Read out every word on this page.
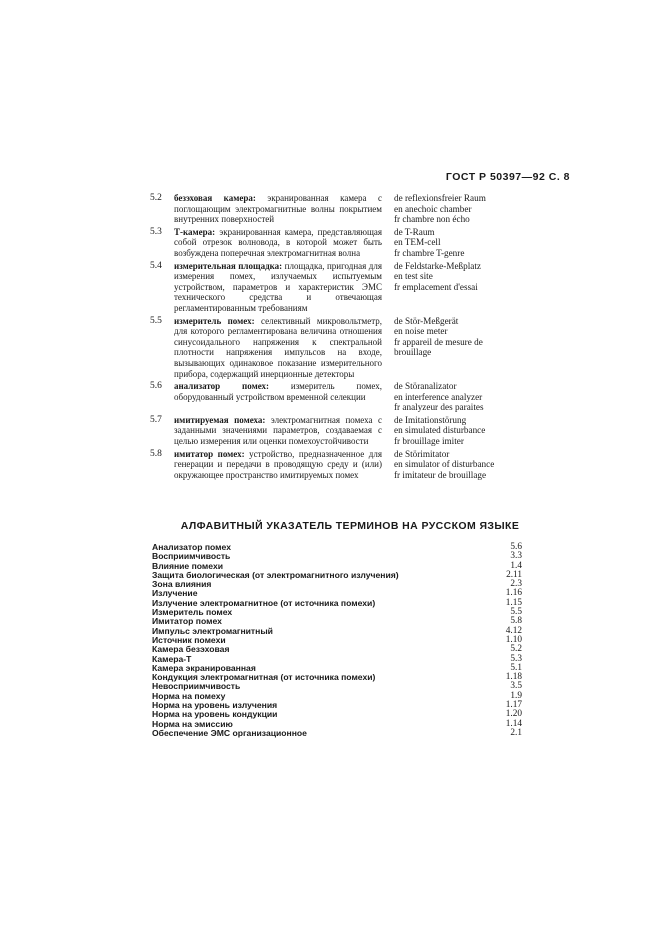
ГОСТ Р 50397—92 С. 8
5.2	безэховая камера: экранированная камера с поглощающим электромагнитные волны покрытием внутренних поверхностей
de reflexionsfreier Raum
en anechoic chamber
fr chambre non écho
5.3	Т-камера: экранированная камера, представляющая собой отрезок волновода, в которой может быть возбуждена поперечная электромагнитная волна
de T-Raum
en TEM-cell
fr chambre T-genre
5.4	измерительная площадка: площадка, пригодная для измерения помех, излучаемых испытуемым устройством, параметров и характеристик ЭМС технического средства и отвечающая регламентированным требованиям
de Feldstarke-Meßplatz
en test site
fr emplacement d'essai
5.5	измеритель помех: селективный микровольтметр, для которого регламентирована величина отношения синусоидального напряжения к спектральной плотности напряжения импульсов на входе, вызывающих одинаковое показание измерительного прибора, содержащий инерционные детекторы
de Stör-Meßgerät
en noise meter
fr appareil de mesure de
brouillage
5.6	анализатор помех: измеритель помех, оборудованный устройством временной селекции
de Störanalizator
en interference analyzer
fr analyzeur des paraites
5.7	имитируемая помеха: электромагнитная помеха с заданными значениями параметров, создаваемая с целью измерения или оценки помехоустойчивости
de Imitationstörung
en simulated disturbance
fr brouillage imiter
5.8	имитатор помех: устройство, предназначенное для генерации и передачи в проводящую среду и (или) окружающее пространство имитируемых помех
de Störimitator
en simulator of disturbance
fr imitateur de brouillage
АЛФАВИТНЫЙ УКАЗАТЕЛЬ ТЕРМИНОВ НА РУССКОМ ЯЗЫКЕ
Анализатор помех	5.6
Восприимчивость	3.3
Влияние помехи	1.4
Защита биологическая (от электромагнитного излучения)	2.11
Зона влияния	2.3
Излучение	1.16
Излучение электромагнитное (от источника помехи)	1.15
Измеритель помех	5.5
Имитатор помех	5.8
Импульс электромагнитный	4.12
Источник помехи	1.10
Камера безэховая	5.2
Камера-Т	5.3
Камера экранированная	5.1
Кондукция электромагнитная (от источника помехи)	1.18
Невосприимчивость	3.5
Норма на помеху	1.9
Норма на уровень излучения	1.17
Норма на уровень кондукции	1.20
Норма на эмиссию	1.14
Обеспечение ЭМС организационное	2.1
